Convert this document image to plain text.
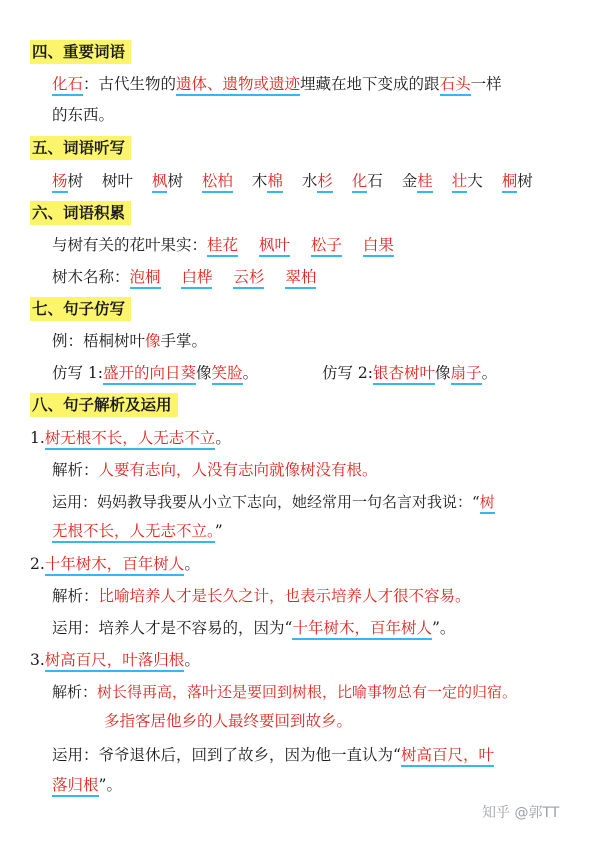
四、重要词语
化石：古代生物的遗体、遗物或遗迹埋藏在地下变成的跟石头一样
的东西。
五、词语听写
杨树 树叶 枫树 松柏 木棉 水杉 化石 金桂 壮大 桐树
六、词语积累
与树有关的花叶果实：桂花 枫叶 松子 白果
树木名称：泡桐 白桦 云杉 翠柏
七、句子仿写
例：梧桐树叶像手掌。
仿写 1:盛开的向日葵像笑脸。	仿写 2:银杏树叶像扇子。
八、句子解析及运用
1.树无根不长，人无志不立。
解析：人要有志向，人没有志向就像树没有根。
运用：妈妈教导我要从小立下志向，她经常用一句名言对我说：“树
无根不长，人无志不立。”
2.十年树木，百年树人。
解析：比喻培养人才是长久之计，也表示培养人才很不容易。
运用：培养人才是不容易的，因为“十年树木，百年树人”。
3.树高百尺，叶落归根。
解析：树长得再高，落叶还是要回到树根，比喻事物总有一定的归宿。
多指客居他乡的人最终要回到故乡。
运用：爷爷退休后，回到了故乡，因为他一直认为“树高百尺，叶
落归根”。
知乎 @郭TT
